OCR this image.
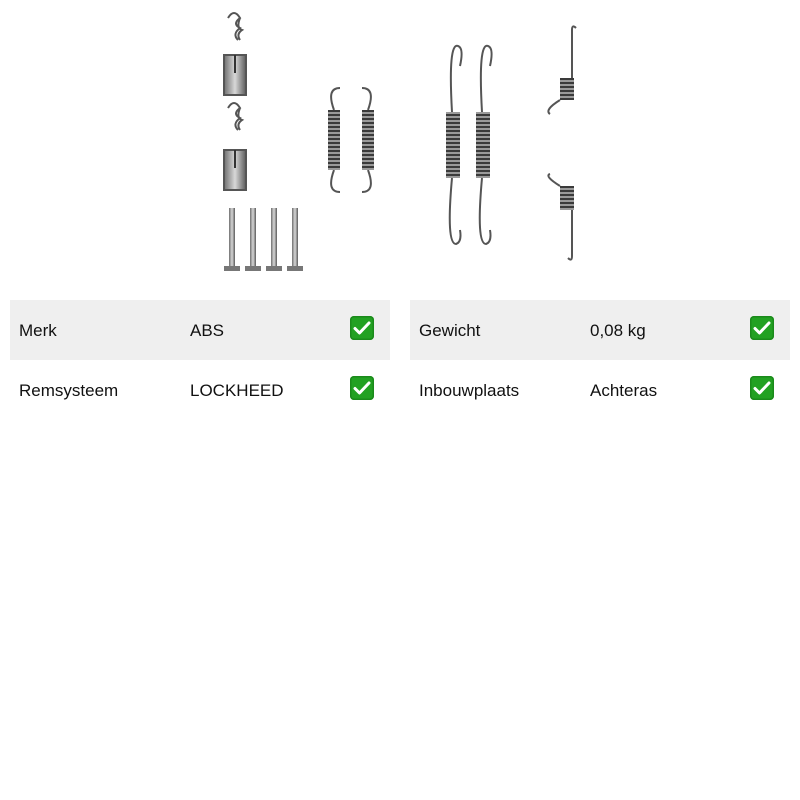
Merk	ABS
Remsysteem	LOCKHEED
Gewicht	0,08 kg
Inbouwplaats	Achteras
